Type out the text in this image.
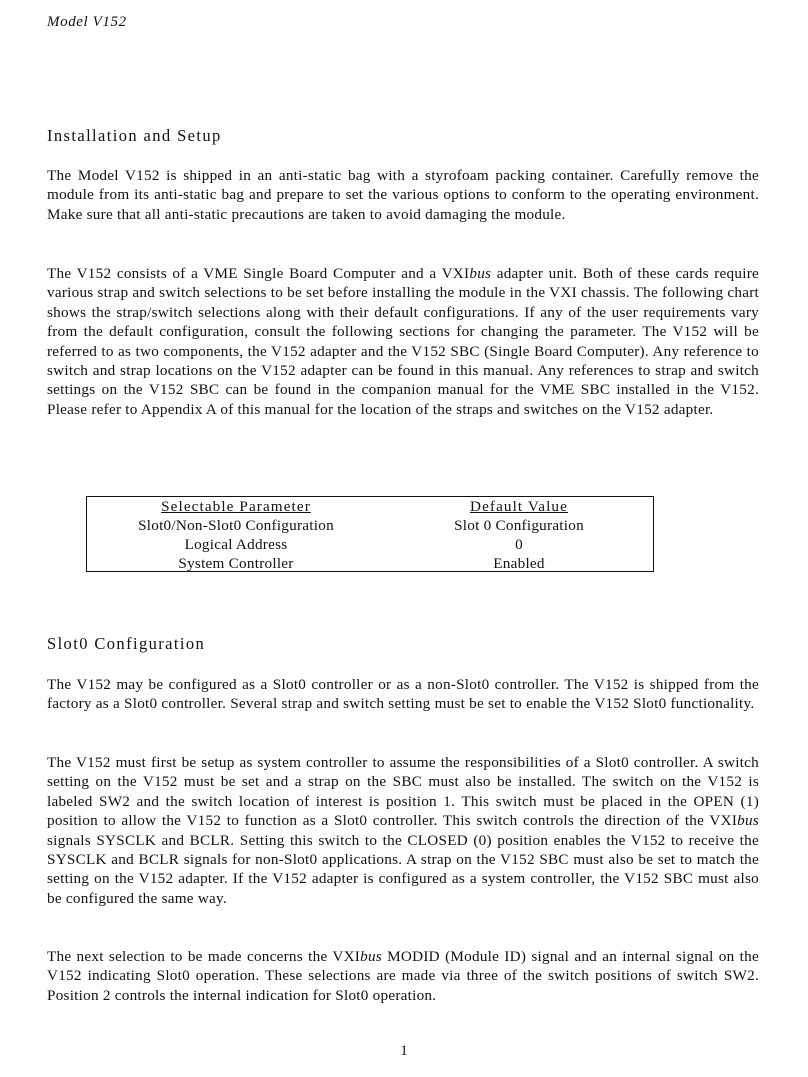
Model V152
Installation and Setup
The Model V152 is shipped in an anti-static bag with a styrofoam packing container. Carefully remove the module from its anti-static bag and prepare to set the various options to conform to the operating environment. Make sure that all anti-static precautions are taken to avoid damaging the module.
The V152 consists of a VME Single Board Computer and a VXIbus adapter unit. Both of these cards require various strap and switch selections to be set before installing the module in the VXI chassis. The following chart shows the strap/switch selections along with their default configurations. If any of the user requirements vary from the default configuration, consult the following sections for changing the parameter. The V152 will be referred to as two components, the V152 adapter and the V152 SBC (Single Board Computer). Any reference to switch and strap locations on the V152 adapter can be found in this manual. Any references to strap and switch settings on the V152 SBC can be found in the companion manual for the VME SBC installed in the V152. Please refer to Appendix A of this manual for the location of the straps and switches on the V152 adapter.
Selectable Parameter	Default Value
Slot0/Non-Slot0 Configuration	Slot 0 Configuration
Logical Address	0
System Controller	Enabled
Slot0 Configuration
The V152 may be configured as a Slot0 controller or as a non-Slot0 controller. The V152 is shipped from the factory as a Slot0 controller. Several strap and switch setting must be set to enable the V152 Slot0 functionality.
The V152 must first be setup as system controller to assume the responsibilities of a Slot0 controller. A switch setting on the V152 must be set and a strap on the SBC must also be installed. The switch on the V152 is labeled SW2 and the switch location of interest is position 1. This switch must be placed in the OPEN (1) position to allow the V152 to function as a Slot0 controller. This switch controls the direction of the VXIbus signals SYSCLK and BCLR. Setting this switch to the CLOSED (0) position enables the V152 to receive the SYSCLK and BCLR signals for non-Slot0 applications. A strap on the V152 SBC must also be set to match the setting on the V152 adapter. If the V152 adapter is configured as a system controller, the V152 SBC must also be configured the same way.
The next selection to be made concerns the VXIbus MODID (Module ID) signal and an internal signal on the V152 indicating Slot0 operation. These selections are made via three of the switch positions of switch SW2. Position 2 controls the internal indication for Slot0 operation.
1
